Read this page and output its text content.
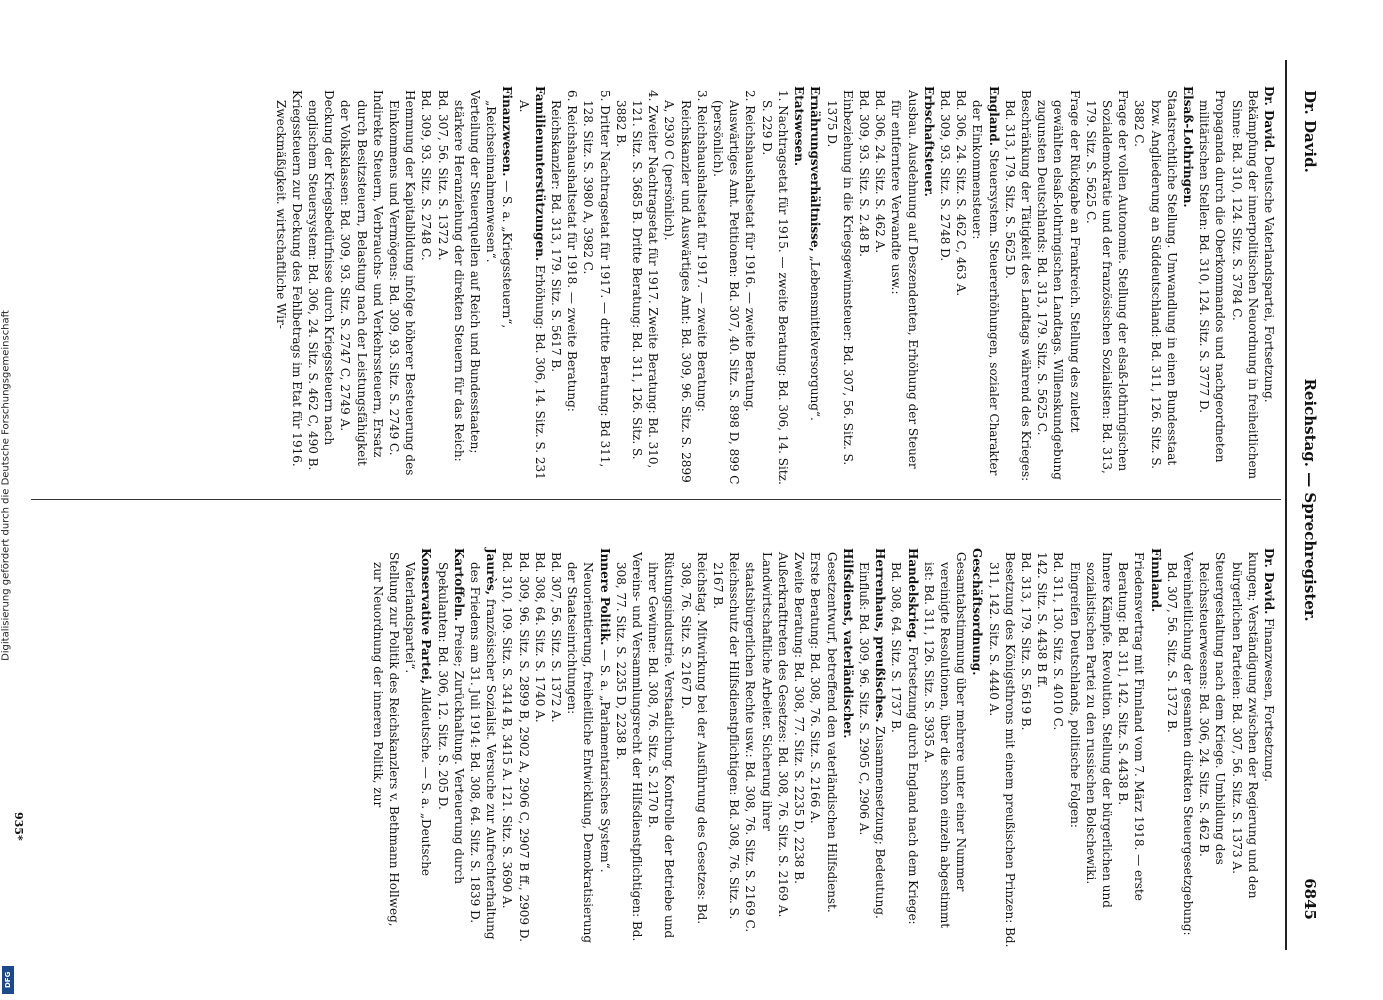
Digitalisierung gefördert durch die Deutsche Forschungsgemeinschaft
DFG
Dr. David.
Reichstag. — Sprechregister.
6845

Dr. David. Deutsche Vaterlandspartei, Fortsetzung.

Bekämpfung der innerpolitischen Neuordnung in freiheitlichem Sinne: Bd. 310, 124. Sitz. S. 3784 C.

Propaganda durch die Oberkommandos und nachgeordneten militärischen Stellen: Bd. 310, 124. Sitz. S. 3777 D.

Elsaß-Lothringen.

Staatsrechtliche Stellung. Umwandlung in einen Bundesstaat bzw. Angliederung an Süddeutschland: Bd. 311, 126. Sitz. S. 3882 C.

Frage der vollen Autonomie. Stellung der elsaß-lothringischen Sozialdemokratie und der französischen Sozialisten: Bd. 313, 179. Sitz. S. 5625 C.

Frage der Rückgabe an Frankreich. Stellung des zuletzt gewählten elsaß-lothringischen Landtags. Willenskundgebung zugunsten Deutschlands: Bd. 313, 179. Sitz. S. 5625 C.

Beschränkung der Tätigkeit des Landtags während des Krieges: Bd. 313, 179. Sitz. S. 5625 D.

England. Steuersystem. Steuererhöhungen, sozialer Charakter der Einkommensteuer:

Bd. 306, 24. Sitz. S. 462 C, 463 A.

Bd. 309, 93. Sitz. S. 2748 D.

Erbschaftsteuer.

Ausbau. Ausdehnung auf Deszendenten, Erhöhung der Steuer für entferntere Verwandte usw.:

Bd. 306, 24. Sitz. S. 462 A.

Bd. 309, 93. Sitz. S. 2.48 B.

Einbeziehung in die Kriegsgewinnsteuer: Bd. 307, 56. Sitz. S. 1375 D.

Ernährungsverhältnisse, „Lebensmittelversorgung“.

Etatswesen.

1. Nachtragsetat für 1915. — zweite Beratung: Bd. 306, 14. Sitz. S. 229 D.

2. Reichshaushaltsetat für 1916. — zweite Beratung. Auswärtiges Amt. Petitionen: Bd. 307, 40. Sitz. S. 898 D, 899 C (persönlich).

3. Reichshaushaltsetat für 1917. — zweite Beratung: Reichskanzler und Auswärtiges Amt: Bd. 309, 96. Sitz. S. 2899 A, 2930 C (persönlich).

4. Zweiter Nachtragsetat für 1917. Zweite Beratung: Bd. 310, 121. Sitz. S. 3685 B. Dritte Beratung: Bd. 311, 126. Sitz. S. 3882 B.

5. Dritter Nachtragsetat für 1917. — dritte Beratung: Bd 311, 128. Sitz. S. 3980 A, 3982 C.

6. Reichshaushaltsetat für 1918. — zweite Beratung: Reichskanzler: Bd. 313, 179. Sitz. S. 5617 B.

Familienunterstützungen. Erhöhung: Bd. 306, 14. Sitz. S. 231 A.

Finanzwesen. — S. a. „Kriegssteuern“, „Reichseinnahmenwesen“.

Verteilung der Steuerquellen auf Reich und Bundesstaaten; stärkere Heranziehung der direkten Steuern für das Reich:

Bd. 307, 56. Sitz. S. 1372 A.

Bd. 309, 93. Sitz. S. 2748 C.

Hemmung der Kapitalbildung infolge höherer Besteuerung des Einkommens und Vermögens: Bd. 309, 93. Sitz. S. 2749 C.

Indirekte Steuern, Verbrauchs- und Verkehrssteuern, Ersatz durch Besitzsteuern, Belastung nach der Leistungsfähigkeit der Volksklassen: Bd. 309, 93. Sitz. S. 2747 C, 2749 A.

Deckung der Kriegsbedürfnisse durch Kriegssteuern nach englischem Steuersystem: Bd. 306, 24. Sitz. S. 462 C, 490 B.

Kriegssteuern zur Deckung des Fehlbetrags im Etat für 1916. Zweckmäßigkeit. wirtschaftliche Wir-

Dr. David. Finanzwesen, Fortsetzung.

kungen; Verständigung zwischen der Regierung und den bürgerlichen Parteien: Bd. 307, 56. Sitz. S. 1373 A.

Steuergestaltung nach dem Kriege. Umbildung des Reichssteuerwesens: Bd. 306, 24. Sitz. S. 462 B.

Vereinheitlichung der gesamten direkten Steuergesetzgebung: Bd. 307, 56. Sitz. S. 1372 B.

Finnland.

Friedensvertrag mit Finnland vom 7. März 1918. — erste Beratung: Bd. 311, 142. Sitz. S. 4438 B.

Innere Kämpfe. Revolution. Stellung der bürgerlichen und sozialistischen Partei zu den russischen Bolschewiki. Eingreifen Deutschlands, politische Folgen:

Bd. 311, 130. Sitz. S. 4010 C.

142. Sitz. S. 4438 B ff.

Bd. 313, 179. Sitz. S. 5619 B.

Besetzung des Königsthrons mit einem preußischen Prinzen: Bd. 311, 142. Sitz. S. 4440 A.

Geschäftsordnung.

Gesamtabstimmung über mehrere unter einer Nummer vereinigte Resolutionen, über die schon einzeln abgestimmt ist: Bd. 311, 126. Sitz. S. 3935 A.

Handelskrieg. Fortsetzung durch England nach dem Kriege: Bd. 308, 64. Sitz. S. 1737 B.

Herrenhaus, preußisches. Zusammensetzung; Bedeutung. Einfluß: Bd. 309, 96. Sitz. S. 2905 C, 2906 A.

Hilfsdienst, vaterländischer.

Gesetzentwurf, betreffend den vaterländischen Hilfsdienst.

Erste Beratung: Bd. 308, 76. Sitz. S. 2166 A.

Zweite Beratung: Bd. 308, 77. Sitz. S. 2235 D, 2238 B.

Außerkrafttreten des Gesetzes: Bd. 308, 76. Sitz. S. 2169 A.

Landwirtschaftliche Arbeiter. Sicherung ihrer staatsbürgerlichen Rechte usw.: Bd. 308, 76. Sitz. S. 2169 C.

Reichsschutz der Hilfsdienstpflichtigen: Bd. 308, 76. Sitz. S. 2167 B.

Reichstag. Mitwirkung bei der Ausführung des Gesetzes: Bd. 308, 76. Sitz. S. 2167 D.

Rüstungsindustrie. Verstaatlichung. Kontrolle der Betriebe und ihrer Gewinne: Bd. 308, 76. Sitz. S. 2170 B.

Vereins- und Versammlungsrecht der Hilfsdienstpflichtigen: Bd. 308, 77. Sitz. S. 2235 D, 2238 B.

Innere Politik. — S. a. „Parlamentarisches System“. Neuorientierung, freiheitliche Entwicklung, Demokratisierung der Staatseinrichtungen:

Bd. 307, 56. Sitz. S. 1372 A.

Bd. 308, 64. Sitz. S. 1740 A.

Bd. 309, 96. Sitz. S. 2899 B, 2902 A, 2906 C, 2907 B ff., 2909 D.

Bd. 310, 109. Sitz. S. 3414 B, 3415 A. 121. Sitz. S. 3690 A.

Jaurès, französischer Sozialist. Versuche zur Aufrechterhaltung des Friedens am 31. Juli 1914: Bd. 308, 64. Sitz. S. 1839 D.

Kartoffeln. Preise; Zurückhaltung. Verteuerung durch Spekulanten: Bd. 306, 12. Sitz. S. 205 D.

Konservative Partei, Alldeutsche. — S. a. „Deutsche Vaterlandspartei“.

Stellung zur Politik des Reichskanzlers v. Bethmann Hollweg, zur Neuordnung der inneren Politik, zur

935*
